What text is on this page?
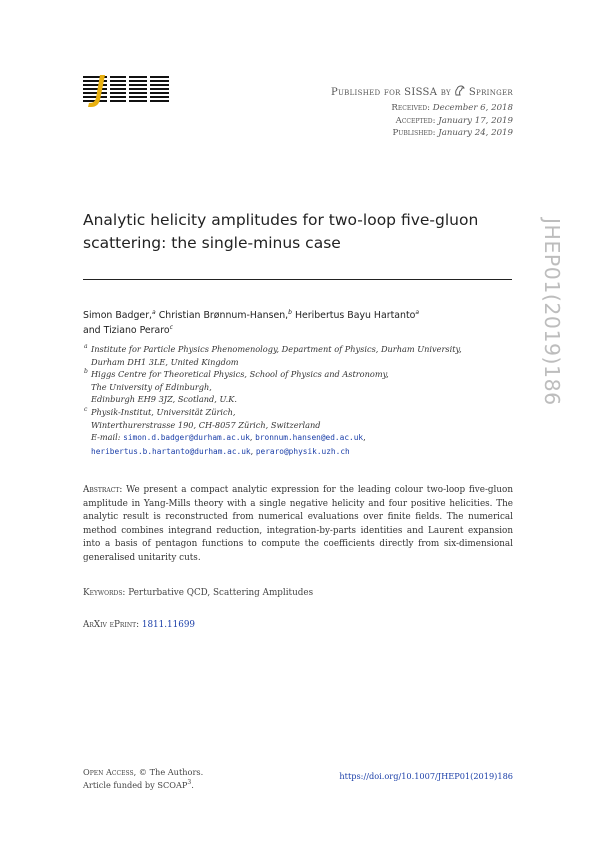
Published for SISSA by Springer
Received: December 6, 2018
Accepted: January 17, 2019
Published: January 24, 2019
JHEP01(2019)186
Analytic helicity amplitudes for two-loop five-gluon
scattering: the single-minus case
Simon Badger,$^a$ Christian Brønnum-Hansen,$^b$ Heribertus Bayu Hartanto$^a$
and Tiziano Peraro$^c$
a Institute for Particle Physics Phenomenology, Department of Physics, Durham University,
Durham DH1 3LE, United Kingdom
b Higgs Centre for Theoretical Physics, School of Physics and Astronomy,
The University of Edinburgh,
Edinburgh EH9 3JZ, Scotland, U.K.
c Physik-Institut, Universität Zürich,
Winterthurerstrasse 190, CH-8057 Zürich, Switzerland
E-mail: simon.d.badger@durham.ac.uk, bronnum.hansen@ed.ac.uk,
heribertus.b.hartanto@durham.ac.uk, peraro@physik.uzh.ch
Abstract: We present a compact analytic expression for the leading colour two-loop five-gluon amplitude in Yang-Mills theory with a single negative helicity and four positive helicities. The analytic result is reconstructed from numerical evaluations over finite fields. The numerical method combines integrand reduction, integration-by-parts identities and Laurent expansion into a basis of pentagon functions to compute the coefficients directly from six-dimensional generalised unitarity cuts.
Keywords: Perturbative QCD, Scattering Amplitudes
ArXiv ePrint: 1811.11699
Open Access, © The Authors.
Article funded by SCOAP$^3$.
https://doi.org/10.1007/JHEP01(2019)186
